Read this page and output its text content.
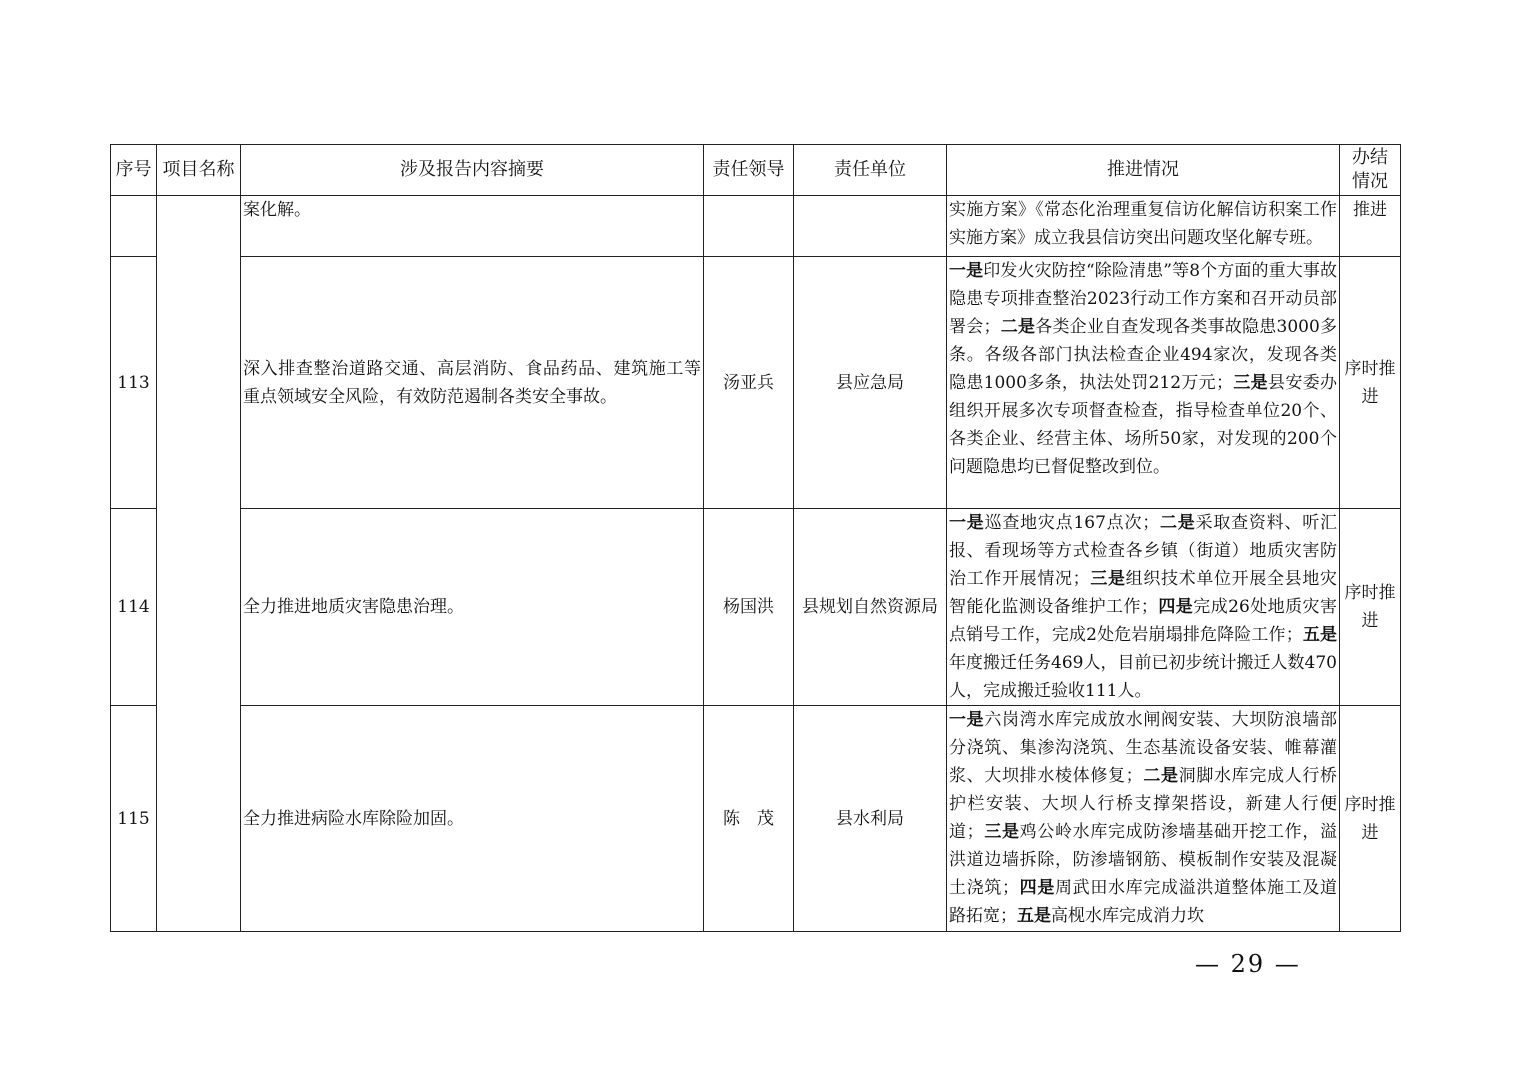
序号	项目名称	涉及报告内容摘要	责任领导	责任单位	推进情况	办结情况
		案化解。			实施方案》《常态化治理重复信访化解信访积案工作实施方案》成立我县信访突出问题攻坚化解专班。	推进
113		深入排查整治道路交通、高层消防、食品药品、建筑施工等重点领域安全风险，有效防范遏制各类安全事故。	汤亚兵	县应急局	一是印发火灾防控“除险清患”等8个方面的重大事故隐患专项排查整治2023行动工作方案和召开动员部署会；二是各类企业自查发现各类事故隐患3000多条。各级各部门执法检查企业494家次，发现各类隐患1000多条，执法处罚212万元；三是县安委办组织开展多次专项督查检查，指导检查单位20个、各类企业、经营主体、场所50家，对发现的200个问题隐患均已督促整改到位。	序时推进
114		全力推进地质灾害隐患治理。	杨国洪	县规划自然资源局	一是巡查地灾点167点次；二是采取查资料、听汇报、看现场等方式检查各乡镇（街道）地质灾害防治工作开展情况；三是组织技术单位开展全县地灾智能化监测设备维护工作；四是完成26处地质灾害点销号工作，完成2处危岩崩塌排危降险工作；五是年度搬迁任务469人，目前已初步统计搬迁人数470人，完成搬迁验收111人。	序时推进
115		全力推进病险水库除险加固。	陈　茂	县水利局	一是六岗湾水库完成放水闸阀安装、大坝防浪墙部分浇筑、集渗沟浇筑、生态基流设备安装、帷幕灌浆、大坝排水棱体修复；二是洞脚水库完成人行桥护栏安装、大坝人行桥支撑架搭设，新建人行便道；三是鸡公岭水库完成防渗墙基础开挖工作，溢洪道边墙拆除，防渗墙钢筋、模板制作安装及混凝土浇筑；四是周武田水库完成溢洪道整体施工及道路拓宽；五是高枧水库完成消力坎	序时推进
— 29 —
